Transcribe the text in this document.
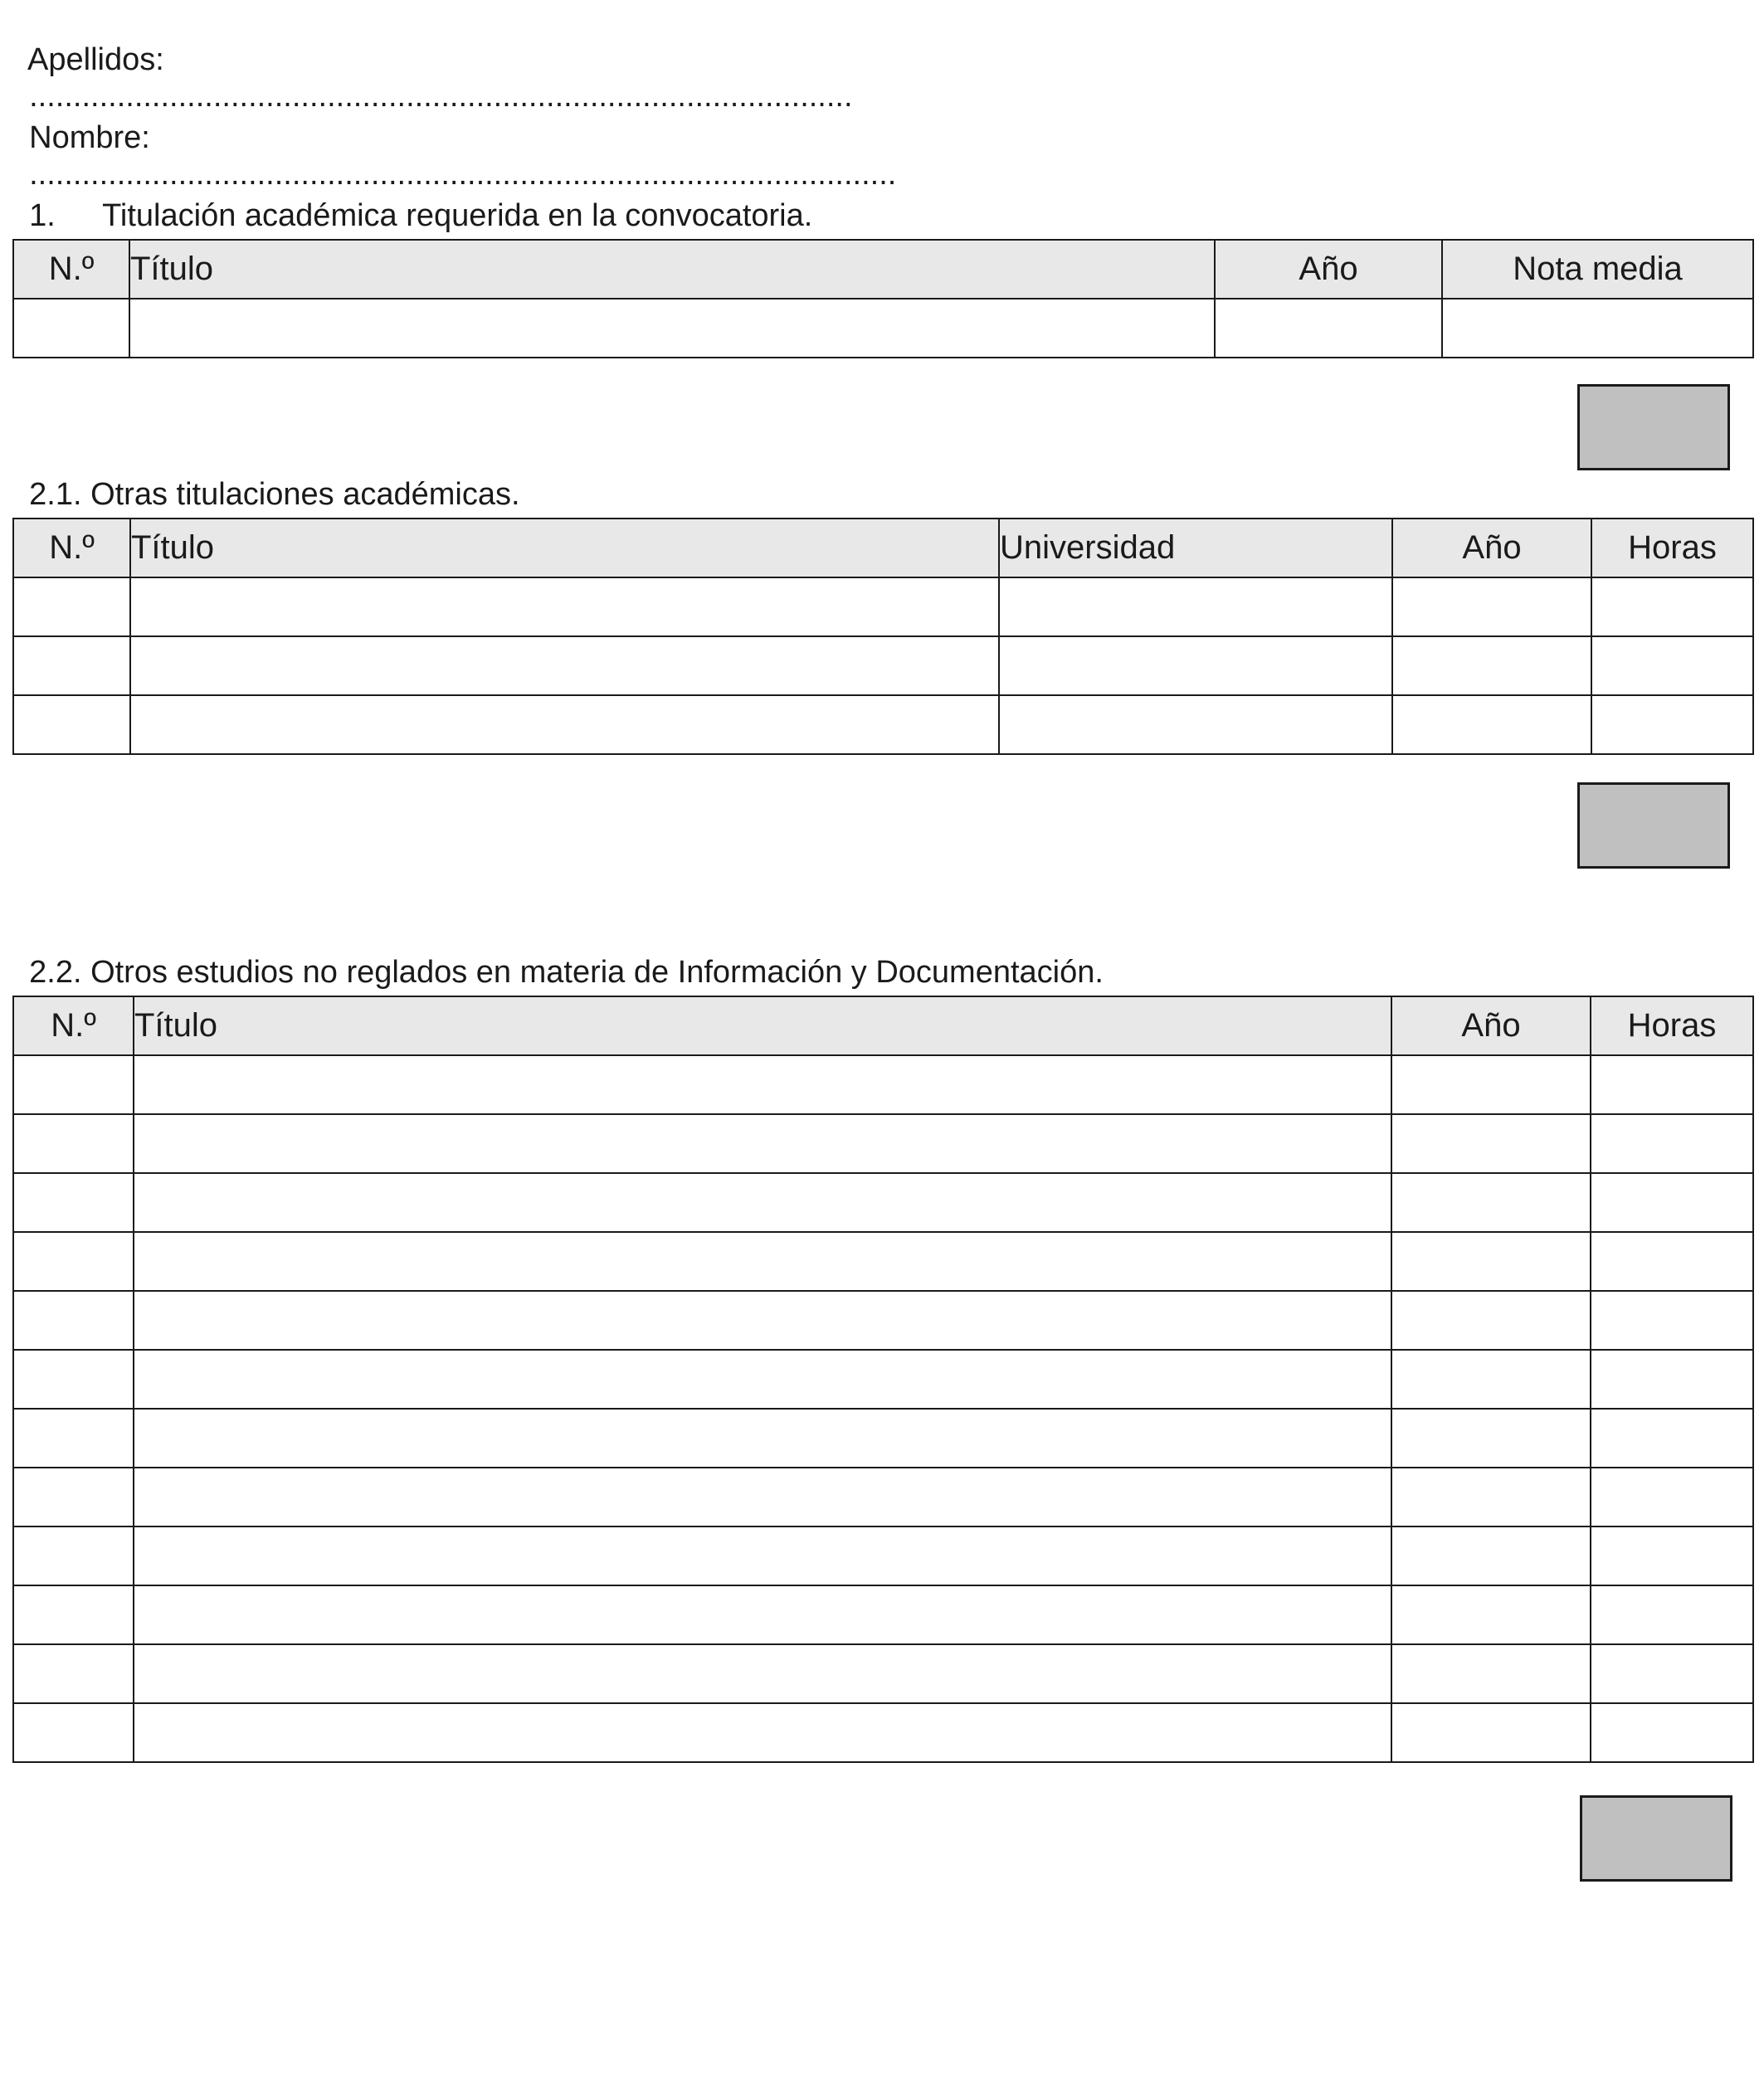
Apellidos:
..............................................................................................

Nombre:
...................................................................................................

1. Titulación académica requerida en la convocatoria.

N.º	Título	Año	Nota media

2.1. Otras titulaciones académicas.

N.º	Título	Universidad	Año	Horas

2.2. Otros estudios no reglados en materia de Información y Documentación.

N.º	Título	Año	Horas
